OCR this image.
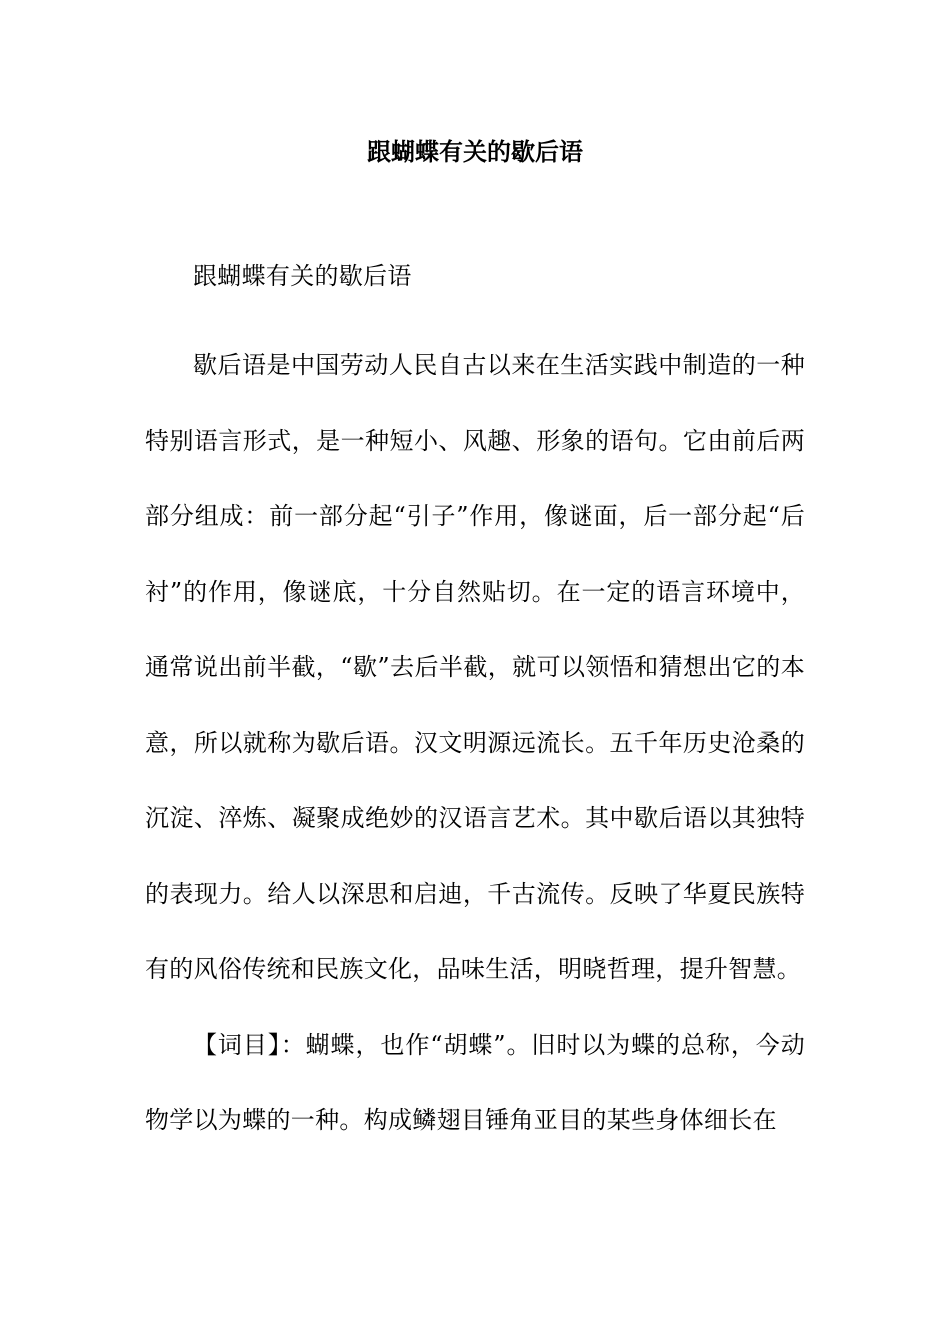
跟蝴蝶有关的歇后语

跟蝴蝶有关的歇后语

歇后语是中国劳动人民自古以来在生活实践中制造的一种特别语言形式，是一种短小、风趣、形象的语句。它由前后两部分组成：前一部分起“引子”作用，像谜面，后一部分起“后衬”的作用，像谜底，十分自然贴切。在一定的语言环境中，通常说出前半截，“歇”去后半截，就可以领悟和猜想出它的本意，所以就称为歇后语。汉文明源远流长。五千年历史沧桑的沉淀、淬炼、凝聚成绝妙的汉语言艺术。其中歇后语以其独特的表现力。给人以深思和启迪，千古流传。反映了华夏民族特有的风俗传统和民族文化，品味生活，明晓哲理，提升智慧。

【词目】：蝴蝶，也作“胡蝶”。旧时以为蝶的总称，今动物学以为蝶的一种。构成鳞翅目锤角亚目的某些身体细长在
